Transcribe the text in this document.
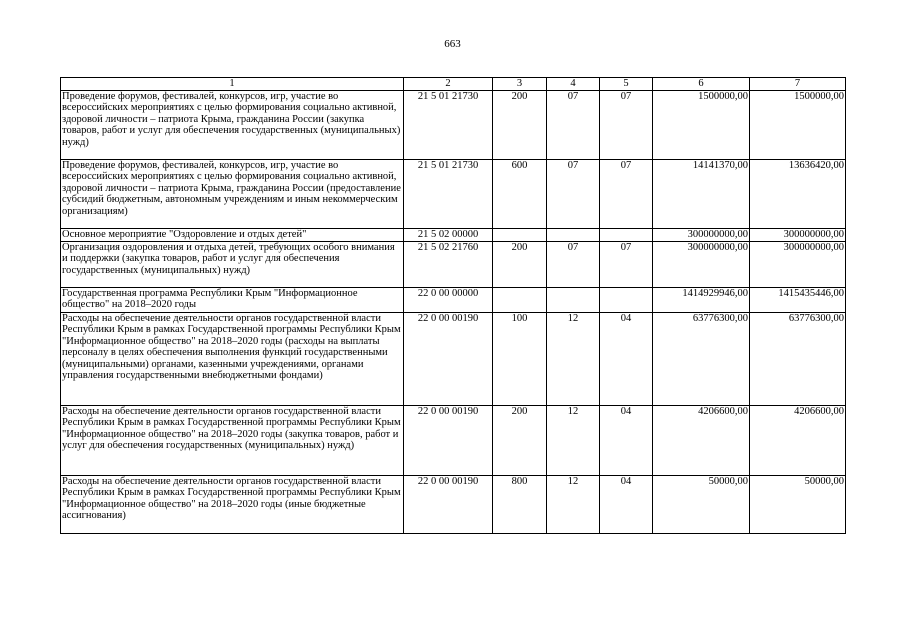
663
1	2	3	4	5	6	7
Проведение форумов, фестивалей, конкурсов, игр, участие во всероссийских мероприятиях с целью формирования социально активной, здоровой личности – патриота Крыма, гражданина России (закупка товаров, работ и услуг для обеспечения государственных (муниципальных) нужд)	21 5 01 21730	200	07	07	1500000,00	1500000,00
Проведение форумов, фестивалей, конкурсов, игр, участие во всероссийских мероприятиях с целью формирования социально активной, здоровой личности – патриота Крыма, гражданина России (предоставление субсидий бюджетным, автономным учреждениям и иным некоммерческим организациям)	21 5 01 21730	600	07	07	14141370,00	13636420,00
Основное мероприятие "Оздоровление и отдых детей"	21 5 02 00000				300000000,00	300000000,00
Организация оздоровления и отдыха детей, требующих особого внимания и поддержки (закупка товаров, работ и услуг для обеспечения государственных (муниципальных) нужд)	21 5 02 21760	200	07	07	300000000,00	300000000,00
Государственная программа Республики Крым "Информационное общество" на 2018–2020 годы	22 0 00 00000				1414929946,00	1415435446,00
Расходы на обеспечение деятельности органов государственной власти Республики Крым в рамках Государственной программы Республики Крым "Информационное общество" на 2018–2020 годы (расходы на выплаты персоналу в целях обеспечения выполнения функций государственными (муниципальными) органами, казенными учреждениями, органами управления государственными внебюджетными фондами)	22 0 00 00190	100	12	04	63776300,00	63776300,00
Расходы на обеспечение деятельности органов государственной власти Республики Крым в рамках Государственной программы Республики Крым "Информационное общество" на 2018–2020 годы (закупка товаров, работ и услуг для обеспечения государственных (муниципальных) нужд)	22 0 00 00190	200	12	04	4206600,00	4206600,00
Расходы на обеспечение деятельности органов государственной власти Республики Крым в рамках Государственной программы Республики Крым "Информационное общество" на 2018–2020 годы (иные бюджетные ассигнования)	22 0 00 00190	800	12	04	50000,00	50000,00
